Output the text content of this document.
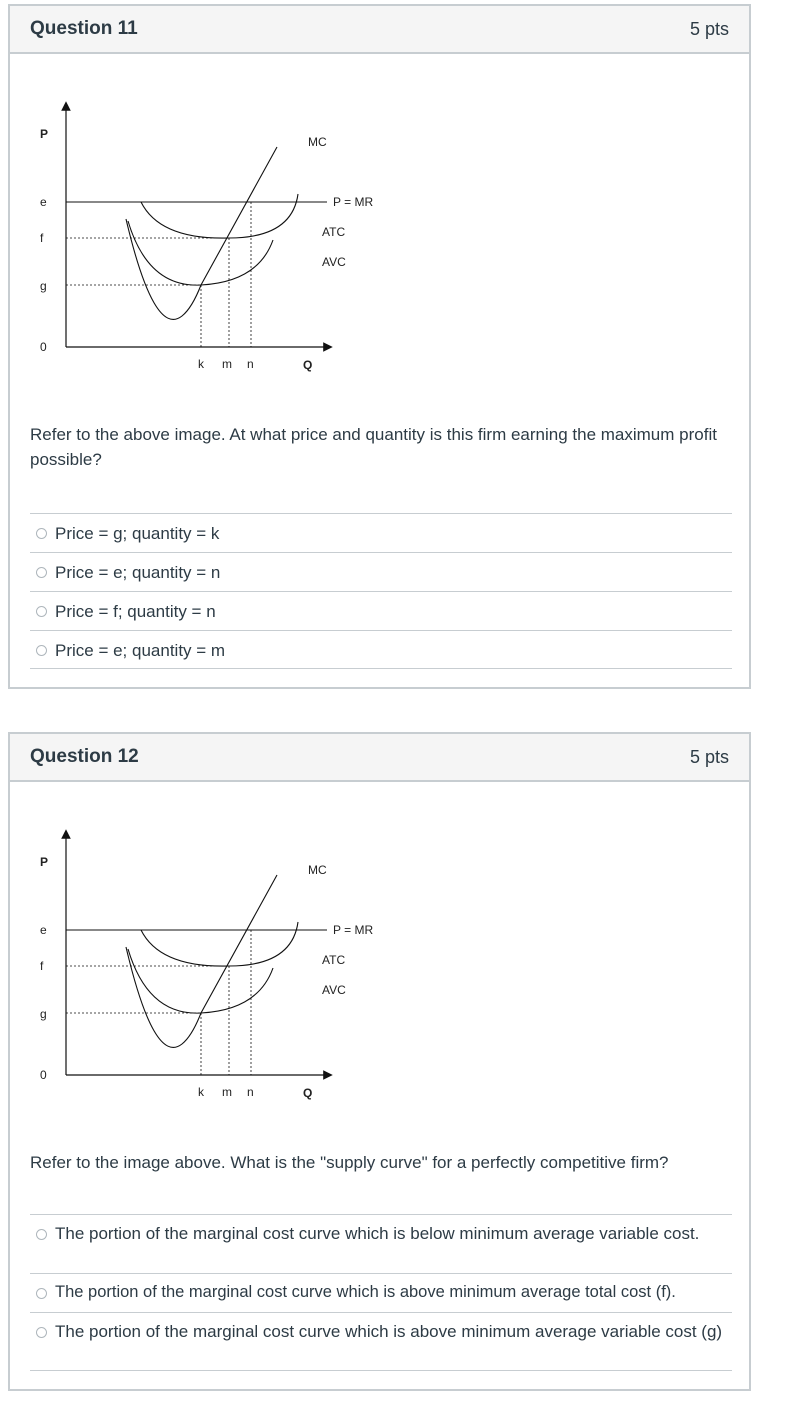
Question 11	5 pts
P
e
f
g
0
k m n	Q
MC
P = MR
ATC
AVC
Refer to the above image. At what price and quantity is this firm earning the maximum profit possible?
Price = g; quantity = k
Price = e; quantity = n
Price = f; quantity = n
Price = e; quantity = m
Question 12	5 pts
P
e
f
g
0
k m n	Q
MC
P = MR
ATC
AVC
Refer to the image above. What is the "supply curve" for a perfectly competitive firm?
The portion of the marginal cost curve which is below minimum average variable cost.
The portion of the marginal cost curve which is above minimum average total cost (f).
The portion of the marginal cost curve which is above minimum average variable cost (g)
